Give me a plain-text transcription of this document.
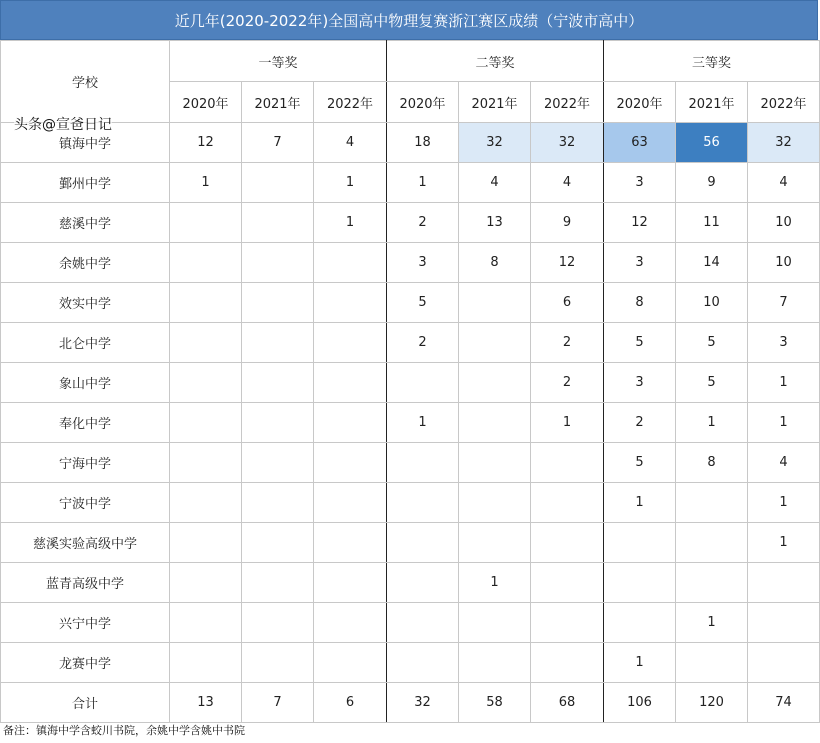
近几年(2020-2022年)全国高中物理复赛浙江赛区成绩（宁波市高中）
学校	一等奖			二等奖			三等奖		
	2020年	2021年	2022年	2020年	2021年	2022年	2020年	2021年	2022年
镇海中学	12	7	4	18	32	32	63	56	32
鄞州中学	1		1	1	4	4	3	9	4
慈溪中学			1	2	13	9	12	11	10
余姚中学				3	8	12	3	14	10
效实中学				5		6	8	10	7
北仑中学				2		2	5	5	3
象山中学						2	3	5	1
奉化中学				1		1	2	1	1
宁海中学							5	8	4
宁波中学							1		1
慈溪实验高级中学									1
蓝青高级中学					1				
兴宁中学								1	
龙赛中学							1		
合计	13	7	6	32	58	68	106	120	74
头条@宣爸日记
备注：镇海中学含蛟川书院，余姚中学含姚中书院
